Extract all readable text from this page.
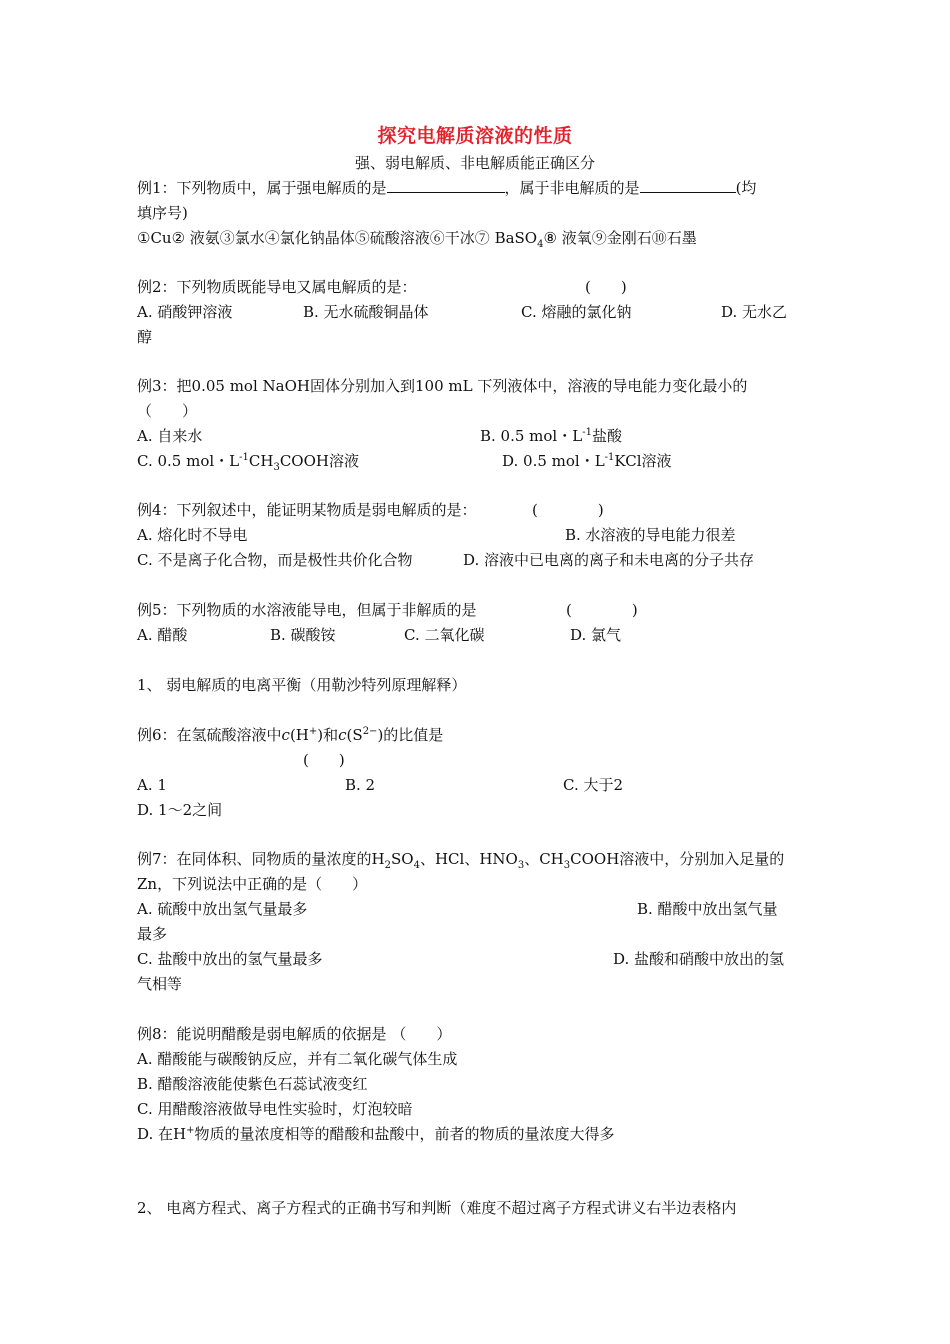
探究电解质溶液的性质
强、弱电解质、非电解质能正确区分
例1：下列物质中，属于强电解质的是	，属于非电解质的是	(均
填序号)
①Cu② 液氨③氯水④氯化钠晶体⑤硫酸溶液⑥干冰⑦ BaSO$_4$⑧ 液氧⑨金刚石⑩石墨
例2：下列物质既能导电又属电解质的是：	(　　)
A. 硝酸钾溶液	B. 无水硫酸铜晶体	C. 熔融的氯化钠	D. 无水乙
醇
例3：把0.05 mol NaOH固体分别加入到100 mL 下列液体中，溶液的导电能力变化最小的
（　　）
A. 自来水	B. 0.5 mol・$L^{-1}$盐酸
C. 0.5 mol・$L^{-1}CH_3COOH$溶液	D. 0.5 mol・$L^{-1}KCl$溶液
例4：下列叙述中，能证明某物质是弱电解质的是：	(　　　　)
A. 熔化时不导电	B. 水溶液的导电能力很差
C. 不是离子化合物，而是极性共价化合物	D. 溶液中已电离的离子和未电离的分子共存
例5：下列物质的水溶液能导电，但属于非解质的是	(　　　　)
A. 醋酸	B. 碳酸铵	C. 二氧化碳	D. 氯气
1、 弱电解质的电离平衡（用勒沙特列原理解释）
例6：在氢硫酸溶液中c(H+)和$c(S^{2-})$的比值是
(　　)
A. 1	B. 2	C. 大于2
D. 1～2之间
例7：在同体积、同物质的量浓度的$H_2SO_4$、HCl、$HNO_3$、$CH_3COOH$溶液中，分别加入足量的
Zn，下列说法中正确的是（　　）
A. 硫酸中放出氢气量最多	B. 醋酸中放出氢气量
最多
C. 盐酸中放出的氢气量最多	D. 盐酸和硝酸中放出的氢
气相等
例8：能说明醋酸是弱电解质的依据是 （　　）
A. 醋酸能与碳酸钠反应，并有二氧化碳气体生成
B. 醋酸溶液能使紫色石蕊试液变红
C. 用醋酸溶液做导电性实验时，灯泡较暗
D. 在H+物质的量浓度相等的醋酸和盐酸中，前者的物质的量浓度大得多
2、 电离方程式、离子方程式的正确书写和判断（难度不超过离子方程式讲义右半边表格内
